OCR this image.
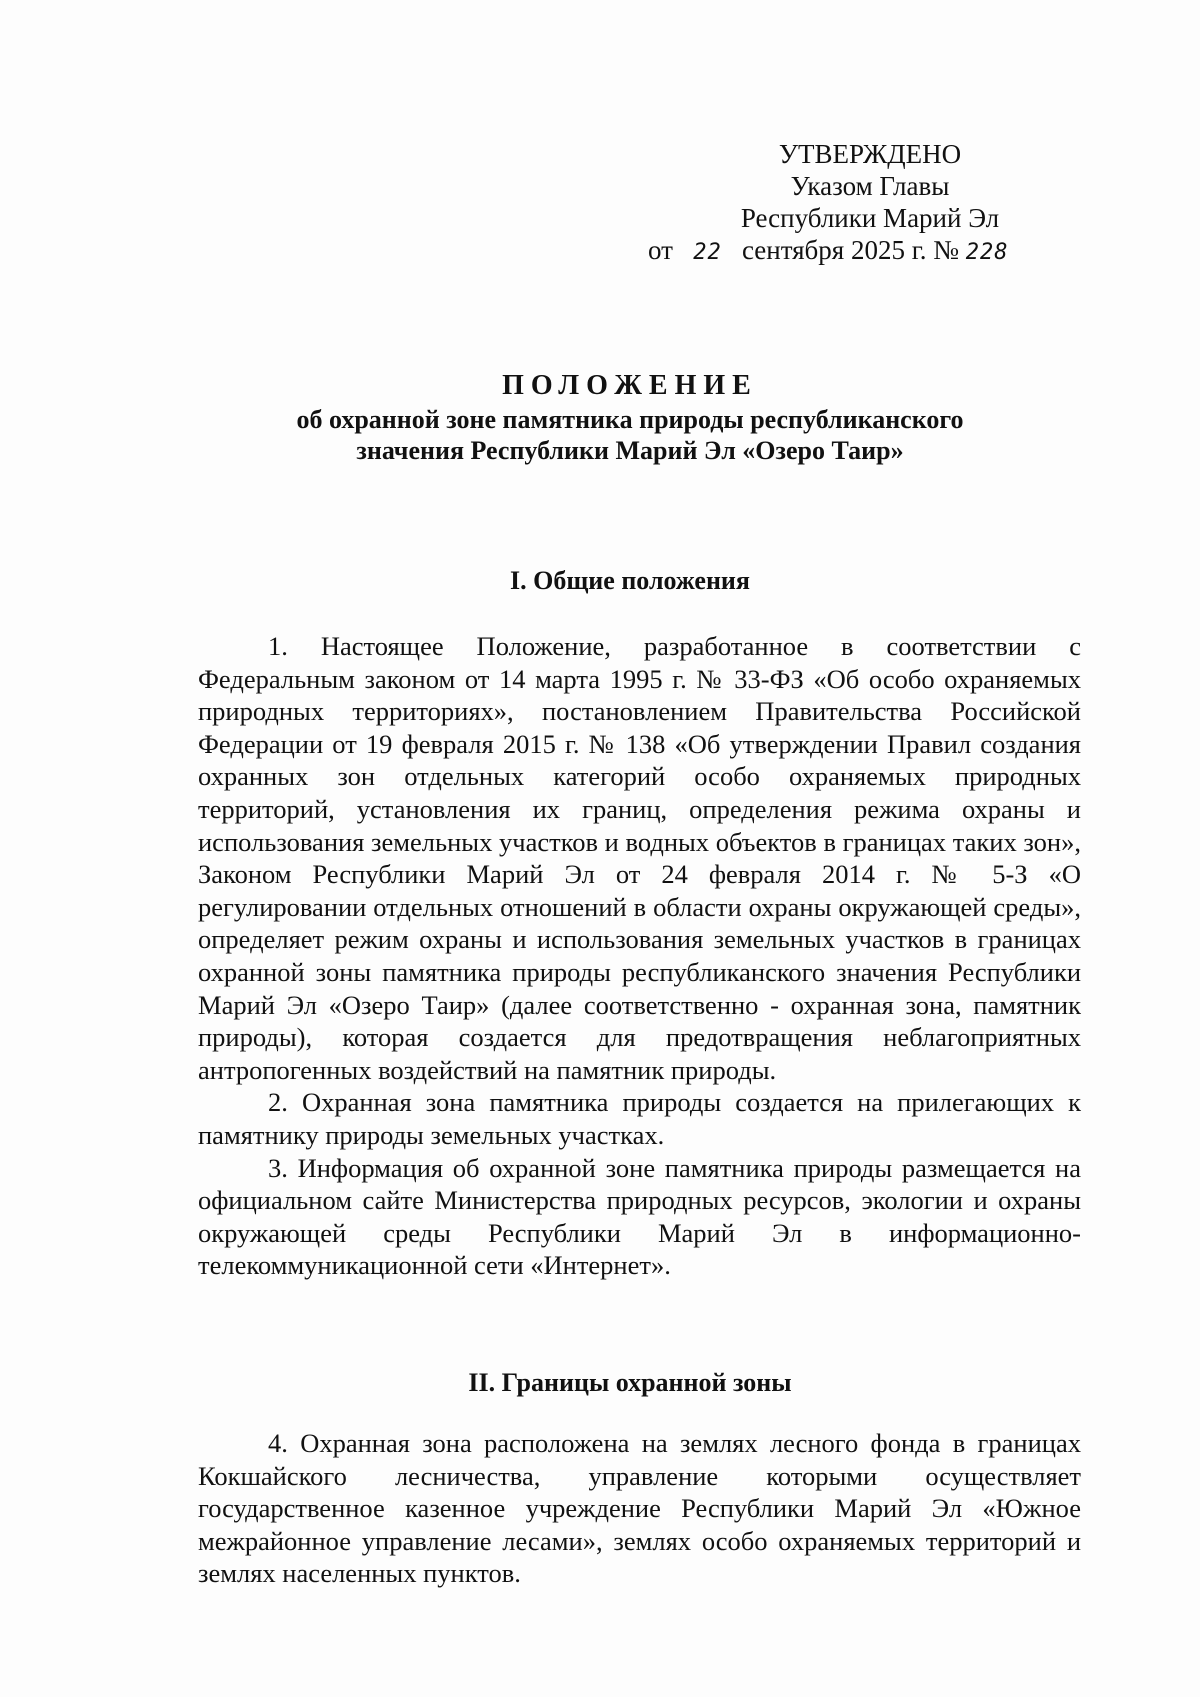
УТВЕРЖДЕНО
Указом Главы
Республики Марий Эл
от 22 сентября 2025 г. № 228
ПОЛОЖЕНИЕ
об охранной зоне памятника природы республиканского
значения Республики Марий Эл «Озеро Таир»
I. Общие положения

1. Настоящее Положение, разработанное в соответствии с Федеральным законом от 14 марта 1995 г. № 33-ФЗ «Об особо охраняемых природных территориях», постановлением Правительства Российской Федерации от 19 февраля 2015 г. № 138 «Об утверждении Правил создания охранных зон отдельных категорий особо охраняемых природных территорий, установления их границ, определения режима охраны и использования земельных участков и водных объектов в границах таких зон», Законом Республики Марий Эл от 24 февраля 2014 г. № 5-З «О регулировании отдельных отношений в области охраны окружающей среды», определяет режим охраны и использования земельных участков в границах охранной зоны памятника природы республиканского значения Республики Марий Эл «Озеро Таир» (далее соответственно - охранная зона, памятник природы), которая создается для предотвращения неблагоприятных антропогенных воздействий на памятник природы.

2. Охранная зона памятника природы создается на прилегающих к памятнику природы земельных участках.

3. Информация об охранной зоне памятника природы размещается на официальном сайте Министерства природных ресурсов, экологии и охраны окружающей среды Республики Марий Эл в информационно-телекоммуникационной сети «Интернет».

II. Границы охранной зоны

4. Охранная зона расположена на землях лесного фонда в границах Кокшайского лесничества, управление которыми осуществляет государственное казенное учреждение Республики Марий Эл «Южное межрайонное управление лесами», землях особо охраняемых территорий и землях населенных пунктов.
